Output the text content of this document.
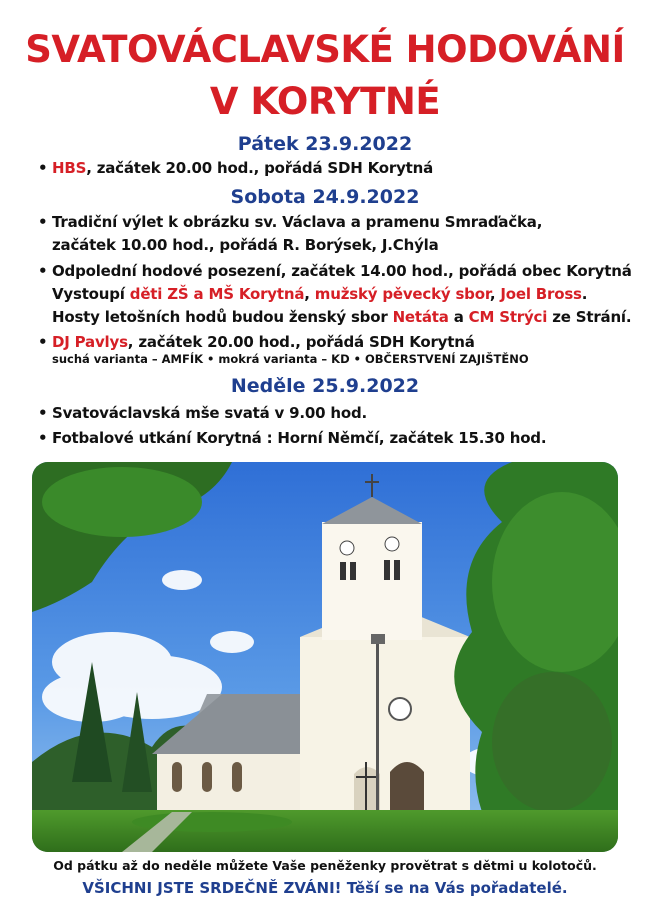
SVATOVÁCLAVSKÉ HODOVÁNÍ
V KORYTNÉ
Pátek 23.9.2022
• HBS, začátek 20.00 hod., pořádá SDH Korytná
Sobota 24.9.2022
• Tradiční výlet k obrázku sv. Václava a pramenu Smraďačka,
začátek 10.00 hod., pořádá R. Borýsek, J.Chýla
• Odpolední hodové posezení, začátek 14.00 hod., pořádá obec Korytná
Vystoupí děti ZŠ a MŠ Korytná, mužský pěvecký sbor, Joel Bross.
Hosty letošních hodů budou ženský sbor Netáta a CM Strýci ze Strání.
• DJ Pavlys, začátek 20.00 hod., pořádá SDH Korytná
suchá varianta – AMFÍK • mokrá varianta – KD • OBČERSTVENÍ ZAJIŠTĚNO
Neděle 25.9.2022
• Svatováclavská mše svatá v 9.00 hod.
• Fotbalové utkání Korytná : Horní Němčí, začátek 15.30 hod.
Od pátku až do neděle můžete Vaše peněženky provětrat s dětmi u kolotočů.
VŠICHNI JSTE SRDEČNĚ ZVÁNI! Těší se na Vás pořadatelé.
